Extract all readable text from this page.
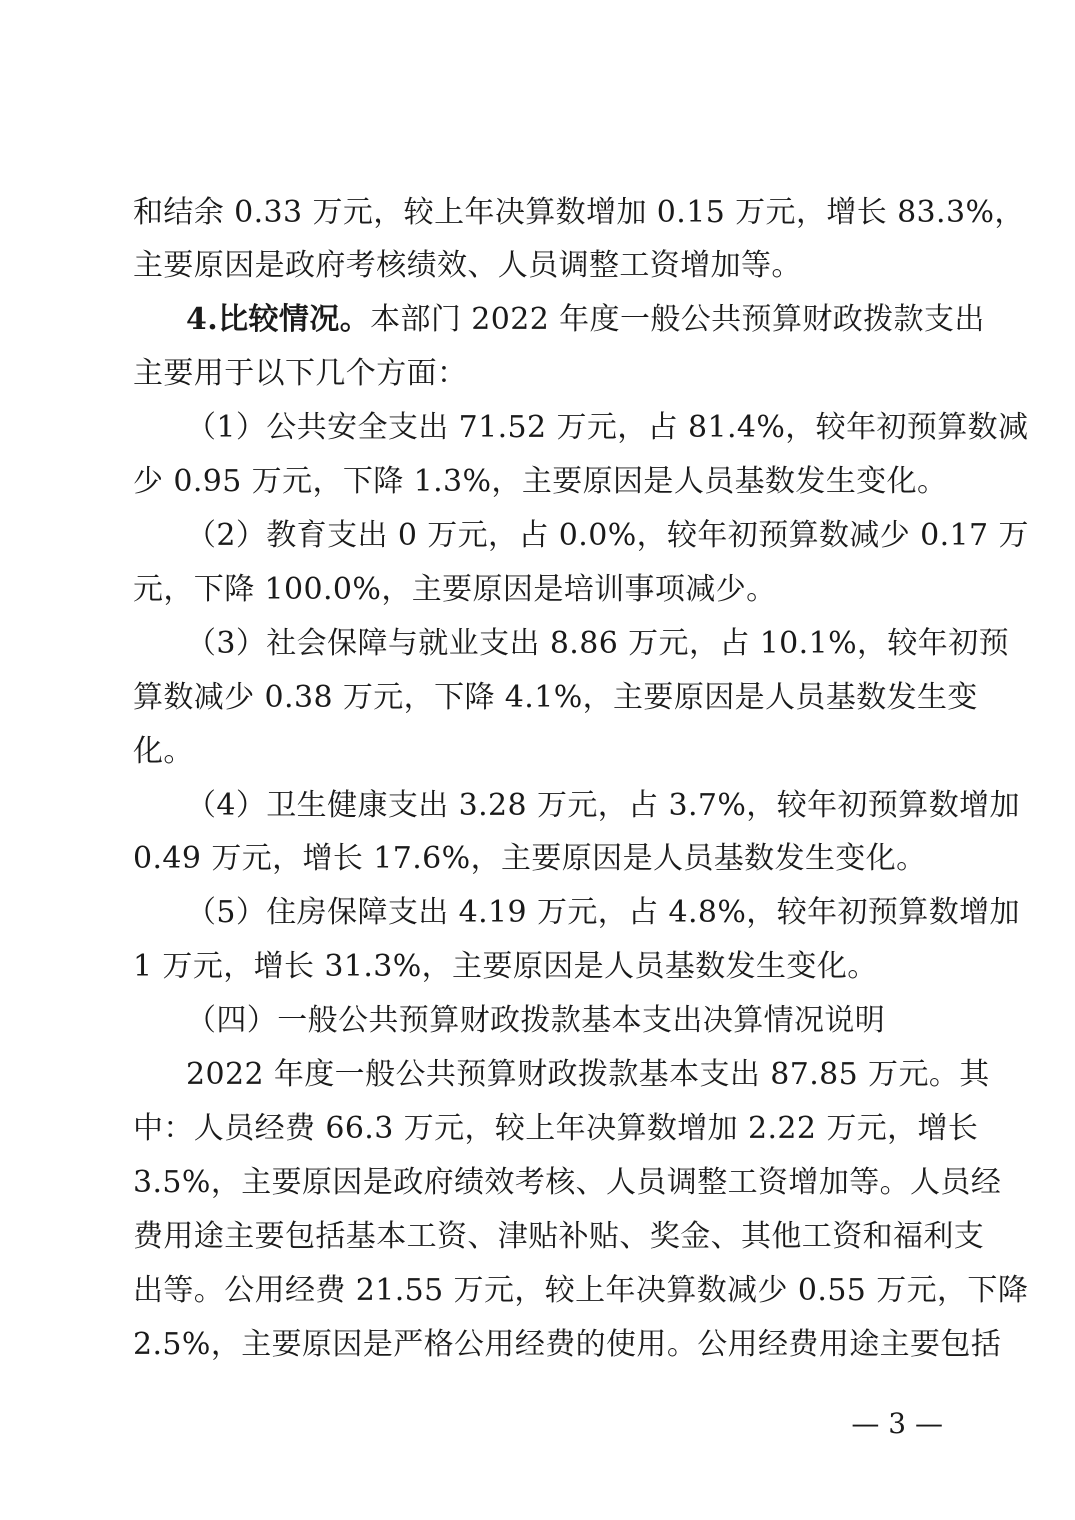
和结余 0.33 万元，较上年决算数增加 0.15 万元，增长 83.3%，
主要原因是政府考核绩效、人员调整工资增加等。
4.比较情况。本部门 2022 年度一般公共预算财政拨款支出
主要用于以下几个方面：
（1）公共安全支出 71.52 万元，占 81.4%，较年初预算数减
少 0.95 万元，下降 1.3%，主要原因是人员基数发生变化。
（2）教育支出 0 万元，占 0.0%，较年初预算数减少 0.17 万
元，下降 100.0%，主要原因是培训事项减少。
（3）社会保障与就业支出 8.86 万元，占 10.1%，较年初预
算数减少 0.38 万元，下降 4.1%，主要原因是人员基数发生变
化。
（4）卫生健康支出 3.28 万元，占 3.7%，较年初预算数增加
0.49 万元，增长 17.6%，主要原因是人员基数发生变化。
（5）住房保障支出 4.19 万元，占 4.8%，较年初预算数增加
1 万元，增长 31.3%，主要原因是人员基数发生变化。
（四）一般公共预算财政拨款基本支出决算情况说明
2022 年度一般公共预算财政拨款基本支出 87.85 万元。其
中：人员经费 66.3 万元，较上年决算数增加 2.22 万元，增长
3.5%，主要原因是政府绩效考核、人员调整工资增加等。人员经
费用途主要包括基本工资、津贴补贴、奖金、其他工资和福利支
出等。公用经费 21.55 万元，较上年决算数减少 0.55 万元，下降
2.5%，主要原因是严格公用经费的使用。公用经费用途主要包括
— 3 —
